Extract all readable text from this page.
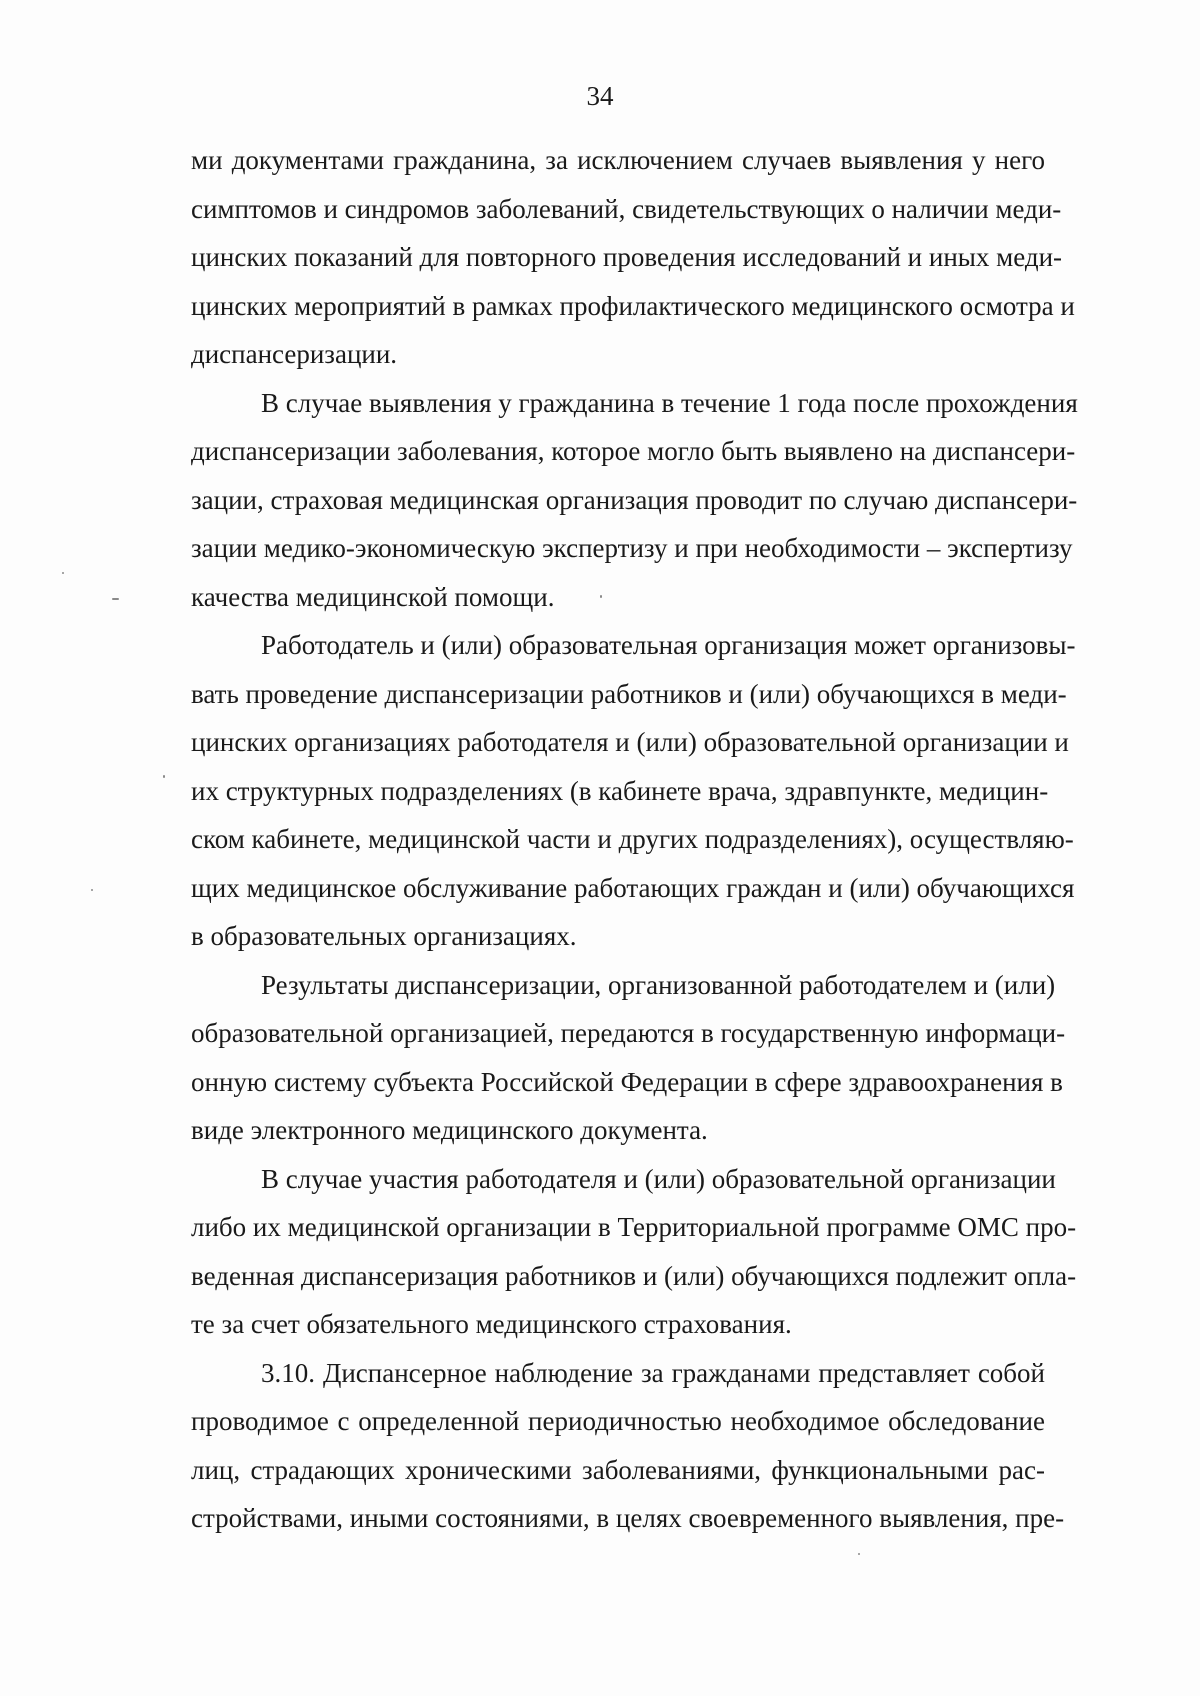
34
ми документами гражданина, за исключением случаев выявления у него
симптомов и синдромов заболеваний, свидетельствующих о наличии меди-
цинских показаний для повторного проведения исследований и иных меди-
цинских мероприятий в рамках профилактического медицинского осмотра и
диспансеризации.
В случае выявления у гражданина в течение 1 года после прохождения
диспансеризации заболевания, которое могло быть выявлено на диспансери-
зации, страховая медицинская организация проводит по случаю диспансери-
зации медико-экономическую экспертизу и при необходимости – экспертизу
качества медицинской помощи.
Работодатель и (или) образовательная организация может организовы-
вать проведение диспансеризации работников и (или) обучающихся в меди-
цинских организациях работодателя и (или) образовательной организации и
их структурных подразделениях (в кабинете врача, здравпункте, медицин-
ском кабинете, медицинской части и других подразделениях), осуществляю-
щих медицинское обслуживание работающих граждан и (или) обучающихся
в образовательных организациях.
Результаты диспансеризации, организованной работодателем и (или)
образовательной организацией, передаются в государственную информаци-
онную систему субъекта Российской Федерации в сфере здравоохранения в
виде электронного медицинского документа.
В случае участия работодателя и (или) образовательной организации
либо их медицинской организации в Территориальной программе ОМС про-
веденная диспансеризация работников и (или) обучающихся подлежит опла-
те за счет обязательного медицинского страхования.
3.10. Диспансерное наблюдение за гражданами представляет собой
проводимое с определенной периодичностью необходимое обследование
лиц, страдающих хроническими заболеваниями, функциональными рас-
стройствами, иными состояниями, в целях своевременного выявления, пре-
